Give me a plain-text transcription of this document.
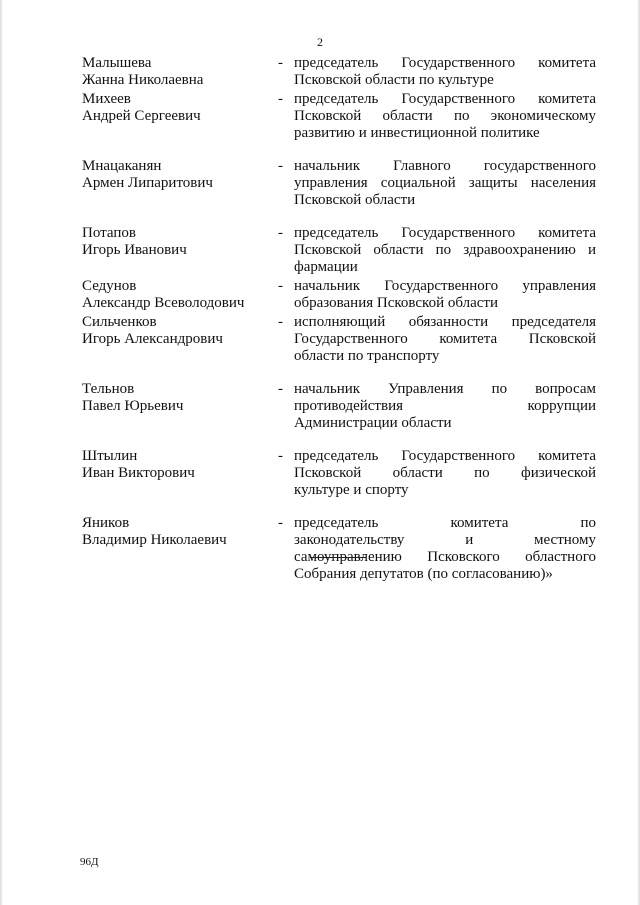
2
Малышева
Жанна Николаевна
- председатель Государственного комитета
Псковской области по культуре
Михеев
Андрей Сергеевич
- председатель Государственного комитета
Псковской области по экономическому
развитию и инвестиционной политике
Мнацаканян
Армен Липаритович
- начальник Главного государственного
управления социальной защиты населения
Псковской области
Потапов
Игорь Иванович
- председатель Государственного комитета
Псковской области по здравоохранению и
фармации
Седунов
Александр Всеволодович
- начальник Государственного управления
образования Псковской области
Сильченков
Игорь Александрович
- исполняющий обязанности председателя
Государственного комитета Псковской
области по транспорту
Тельнов
Павел Юрьевич
- начальник Управления по вопросам
противодействия коррупции
Администрации области
Штылин
Иван Викторович
- председатель Государственного комитета
Псковской области по физической
культуре и спорту
Яников
Владимир Николаевич
- председатель комитета по
законодательству и местному
самоуправлению Псковского областного
Собрания депутатов (по согласованию)»
96Д
